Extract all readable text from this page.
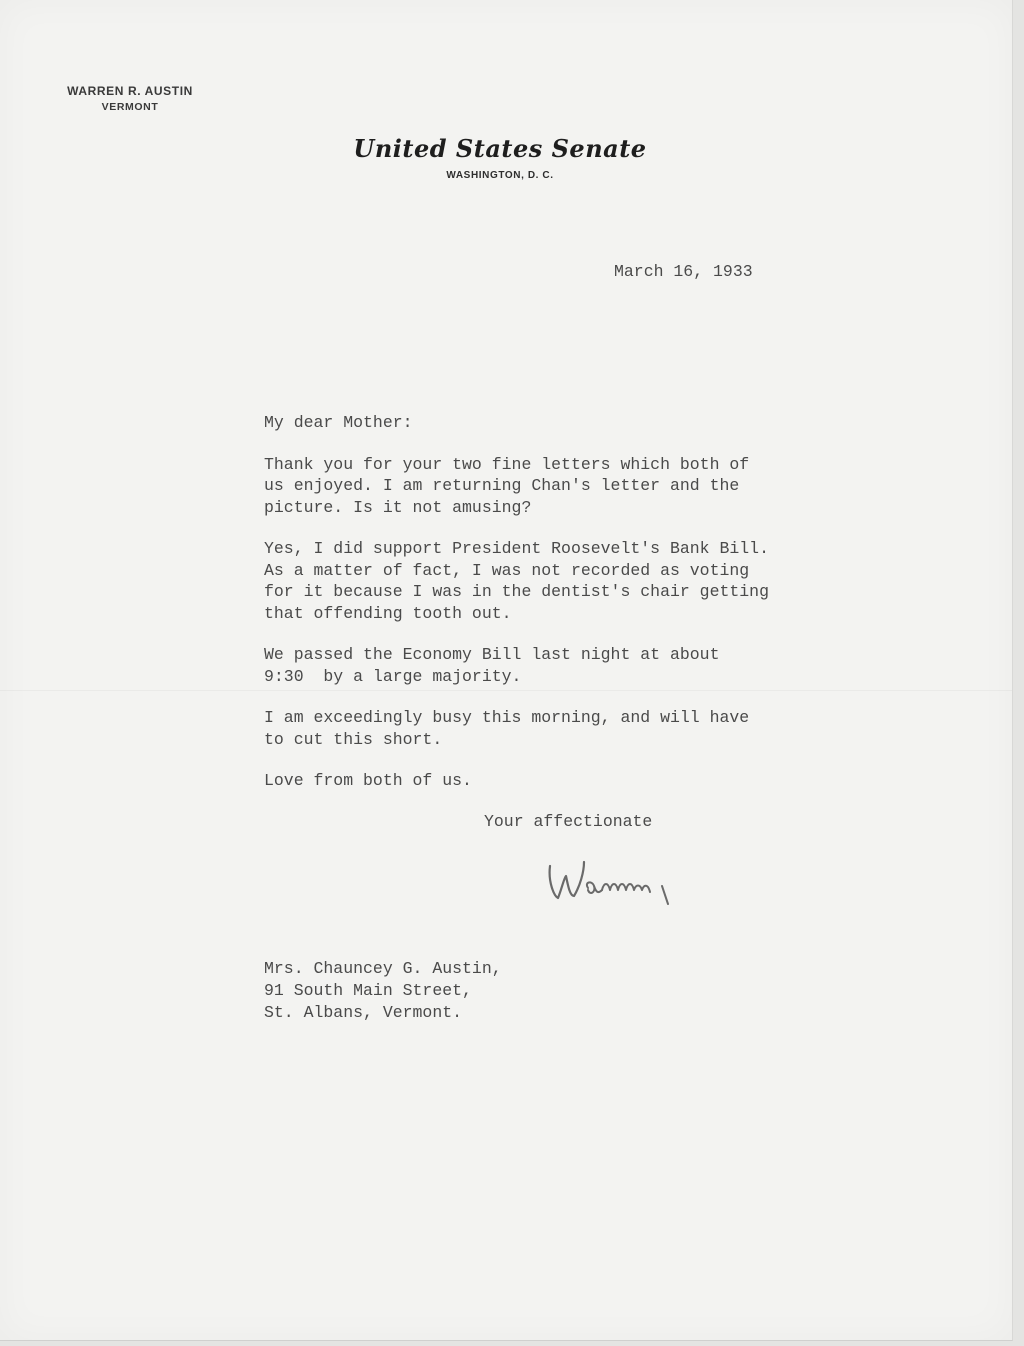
WARREN R. AUSTIN
VERMONT
United States Senate
WASHINGTON, D. C.
March 16, 1933

My dear Mother:

Thank you for your two fine letters which both of
us enjoyed. I am returning Chan's letter and the
picture. Is it not amusing?

Yes, I did support President Roosevelt's Bank Bill.
As a matter of fact, I was not recorded as voting
for it because I was in the dentist's chair getting
that offending tooth out.

We passed the Economy Bill last night at about
9:30  by a large majority.

I am exceedingly busy this morning, and will have
to cut this short.

Love from both of us.

Your affectionate
Mrs. Chauncey G. Austin,
91 South Main Street,
St. Albans, Vermont.
